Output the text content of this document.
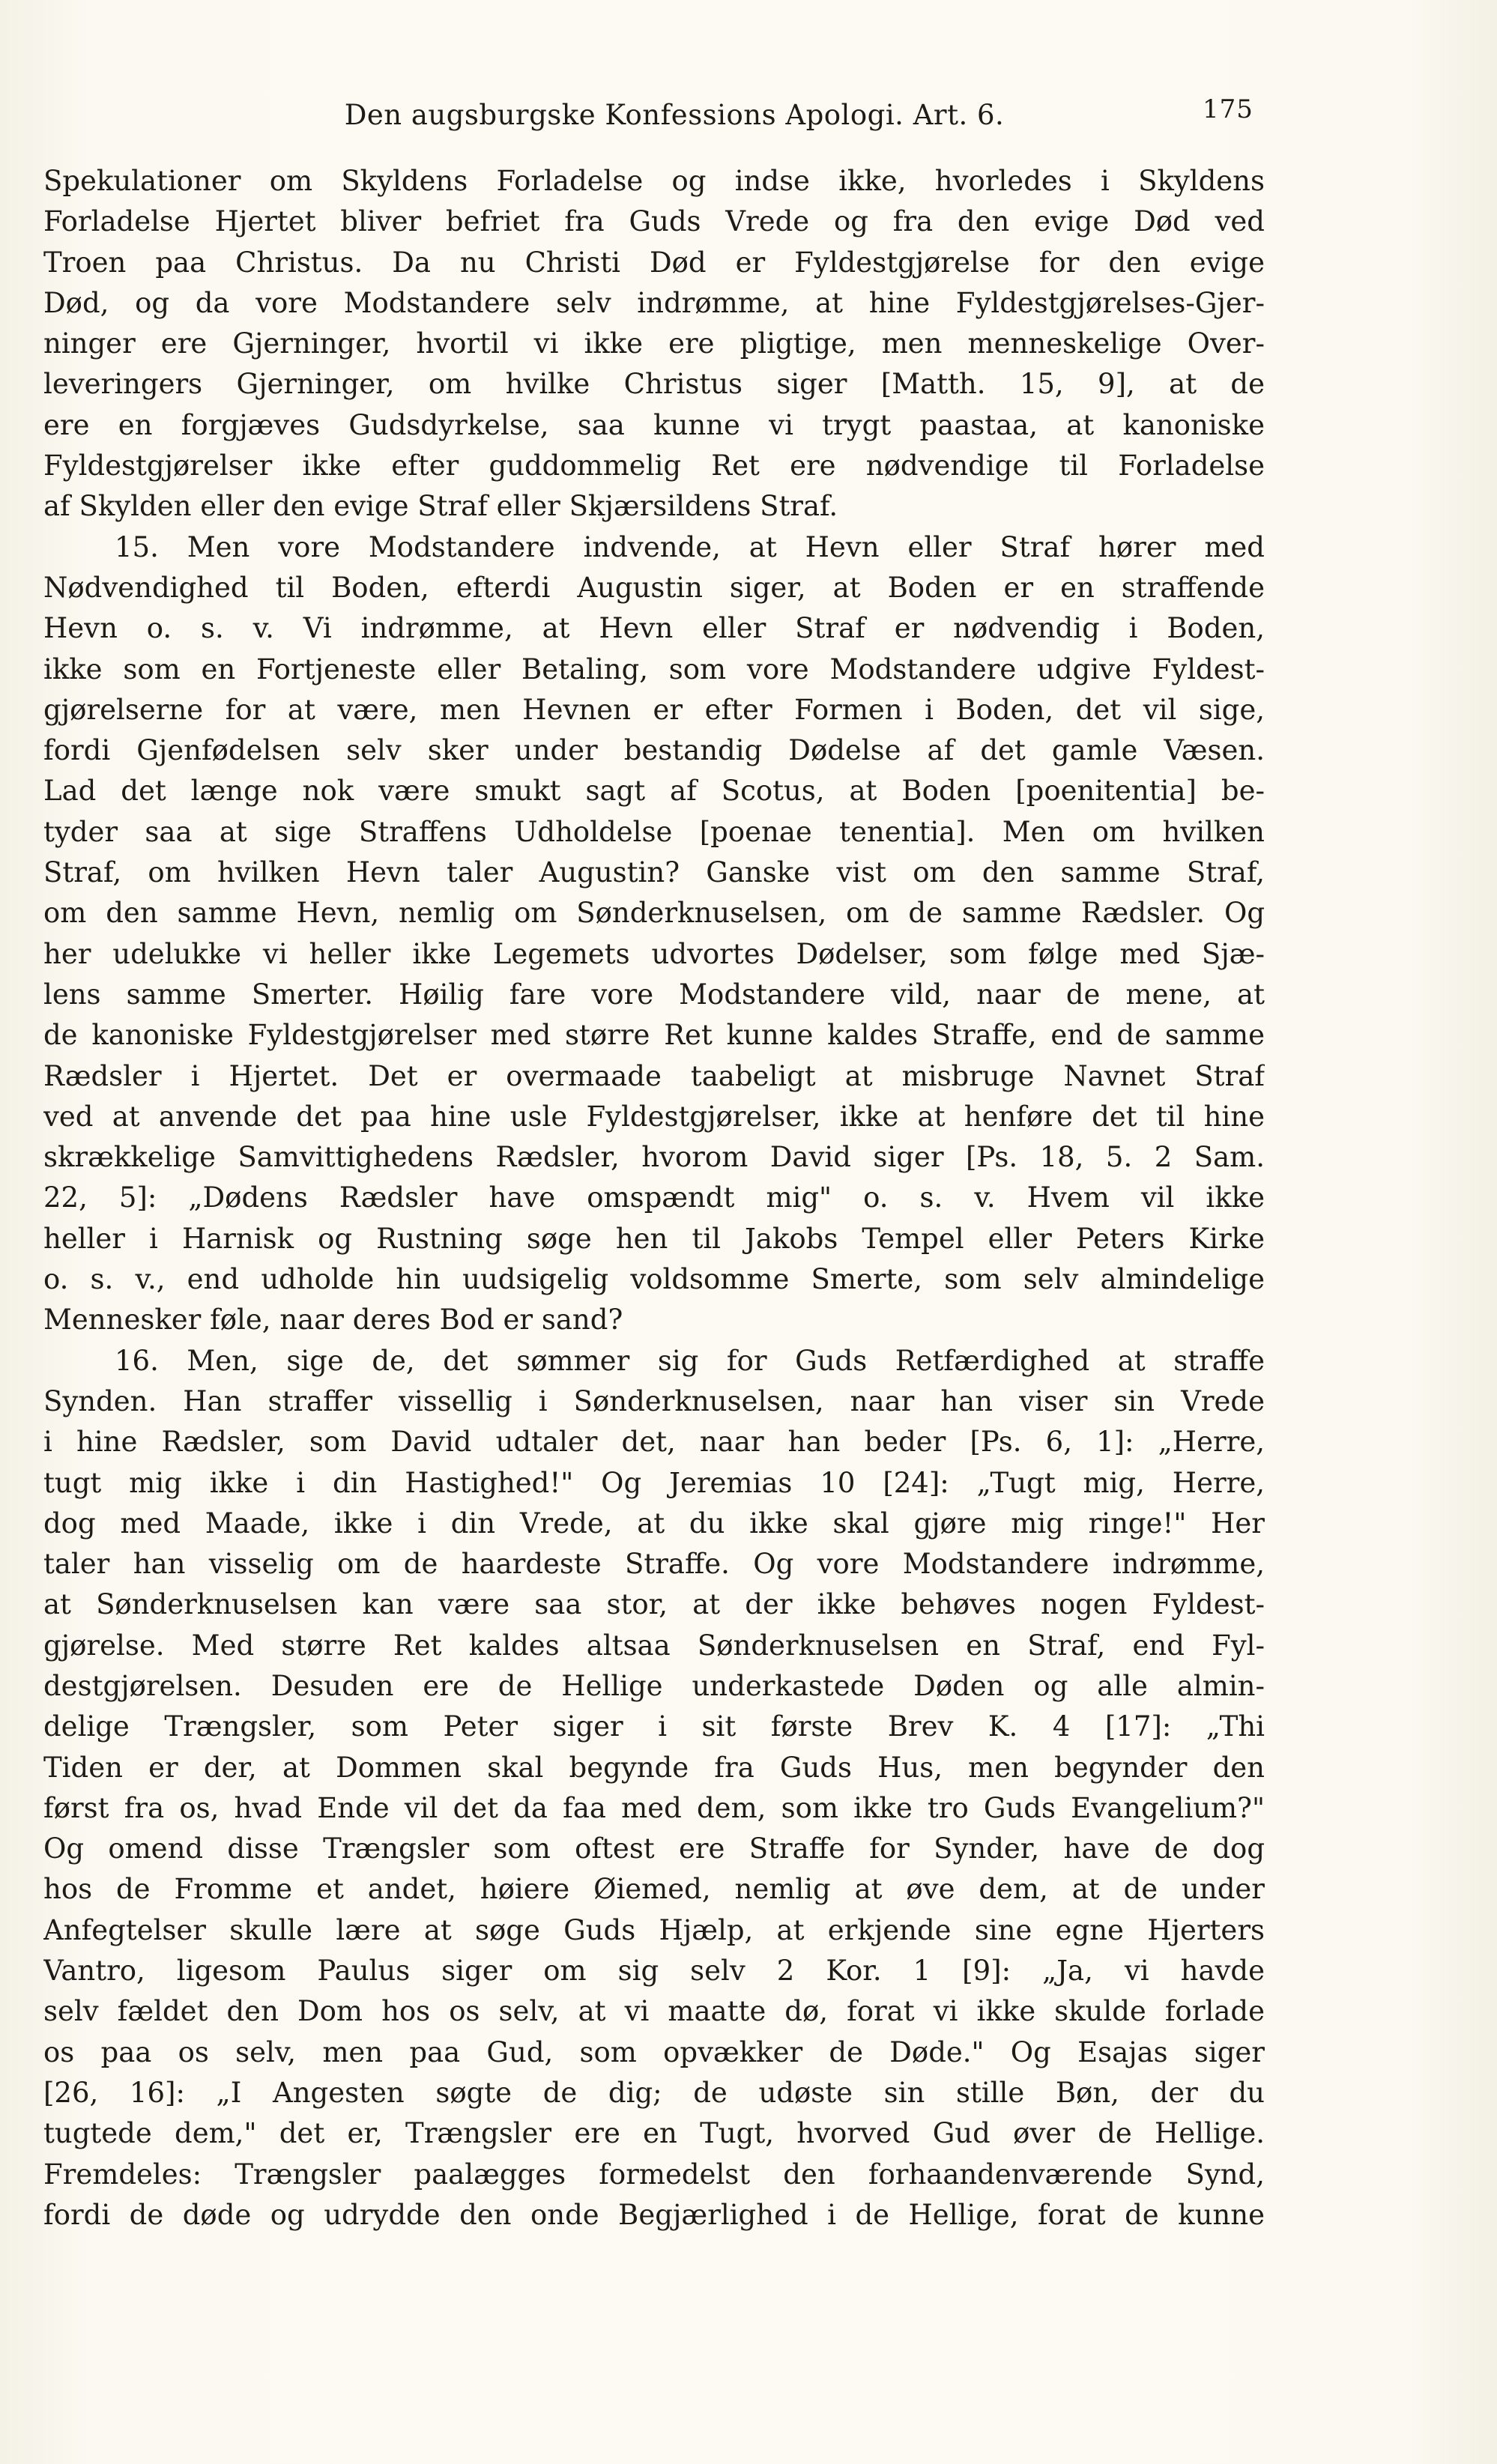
Den augsburgske Konfessions Apologi. Art. 6.	175
Spekulationer om Skyldens Forladelse og indse ikke, hvorledes i Skyldens
Forladelse Hjertet bliver befriet fra Guds Vrede og fra den evige Død ved
Troen paa Christus. Da nu Christi Død er Fyldestgjørelse for den evige
Død, og da vore Modstandere selv indrømme, at hine Fyldestgjørelses-Gjer-
ninger ere Gjerninger, hvortil vi ikke ere pligtige, men menneskelige Over-
leveringers Gjerninger, om hvilke Christus siger [Matth. 15, 9], at de
ere en forgjæves Gudsdyrkelse, saa kunne vi trygt paastaa, at kanoniske
Fyldestgjørelser ikke efter guddommelig Ret ere nødvendige til Forladelse
af Skylden eller den evige Straf eller Skjærsildens Straf.
15. Men vore Modstandere indvende, at Hevn eller Straf hører med
Nødvendighed til Boden, efterdi Augustin siger, at Boden er en straffende
Hevn o. s. v. Vi indrømme, at Hevn eller Straf er nødvendig i Boden,
ikke som en Fortjeneste eller Betaling, som vore Modstandere udgive Fyldest-
gjørelserne for at være, men Hevnen er efter Formen i Boden, det vil sige,
fordi Gjenfødelsen selv sker under bestandig Dødelse af det gamle Væsen.
Lad det længe nok være smukt sagt af Scotus, at Boden [poenitentia] be-
tyder saa at sige Straffens Udholdelse [poenae tenentia]. Men om hvilken
Straf, om hvilken Hevn taler Augustin? Ganske vist om den samme Straf,
om den samme Hevn, nemlig om Sønderknuselsen, om de samme Rædsler. Og
her udelukke vi heller ikke Legemets udvortes Dødelser, som følge med Sjæ-
lens samme Smerter. Høilig fare vore Modstandere vild, naar de mene, at
de kanoniske Fyldestgjørelser med større Ret kunne kaldes Straffe, end de samme
Rædsler i Hjertet. Det er overmaade taabeligt at misbruge Navnet Straf
ved at anvende det paa hine usle Fyldestgjørelser, ikke at henføre det til hine
skrækkelige Samvittighedens Rædsler, hvorom David siger [Ps. 18, 5. 2 Sam.
22, 5]: „Dødens Rædsler have omspændt mig" o. s. v. Hvem vil ikke
heller i Harnisk og Rustning søge hen til Jakobs Tempel eller Peters Kirke
o. s. v., end udholde hin uudsigelig voldsomme Smerte, som selv almindelige
Mennesker føle, naar deres Bod er sand?
16. Men, sige de, det sømmer sig for Guds Retfærdighed at straffe
Synden. Han straffer vissellig i Sønderknuselsen, naar han viser sin Vrede
i hine Rædsler, som David udtaler det, naar han beder [Ps. 6, 1]: „Herre,
tugt mig ikke i din Hastighed!" Og Jeremias 10 [24]: „Tugt mig, Herre,
dog med Maade, ikke i din Vrede, at du ikke skal gjøre mig ringe!" Her
taler han visselig om de haardeste Straffe. Og vore Modstandere indrømme,
at Sønderknuselsen kan være saa stor, at der ikke behøves nogen Fyldest-
gjørelse. Med større Ret kaldes altsaa Sønderknuselsen en Straf, end Fyl-
destgjørelsen. Desuden ere de Hellige underkastede Døden og alle almin-
delige Trængsler, som Peter siger i sit første Brev K. 4 [17]: „Thi
Tiden er der, at Dommen skal begynde fra Guds Hus, men begynder den
først fra os, hvad Ende vil det da faa med dem, som ikke tro Guds Evangelium?"
Og omend disse Trængsler som oftest ere Straffe for Synder, have de dog
hos de Fromme et andet, høiere Øiemed, nemlig at øve dem, at de under
Anfegtelser skulle lære at søge Guds Hjælp, at erkjende sine egne Hjerters
Vantro, ligesom Paulus siger om sig selv 2 Kor. 1 [9]: „Ja, vi havde
selv fældet den Dom hos os selv, at vi maatte dø, forat vi ikke skulde forlade
os paa os selv, men paa Gud, som opvækker de Døde." Og Esajas siger
[26, 16]: „I Angesten søgte de dig; de udøste sin stille Bøn, der du
tugtede dem," det er, Trængsler ere en Tugt, hvorved Gud øver de Hellige.
Fremdeles: Trængsler paalægges formedelst den forhaandenværende Synd,
fordi de døde og udrydde den onde Begjærlighed i de Hellige, forat de kunne
